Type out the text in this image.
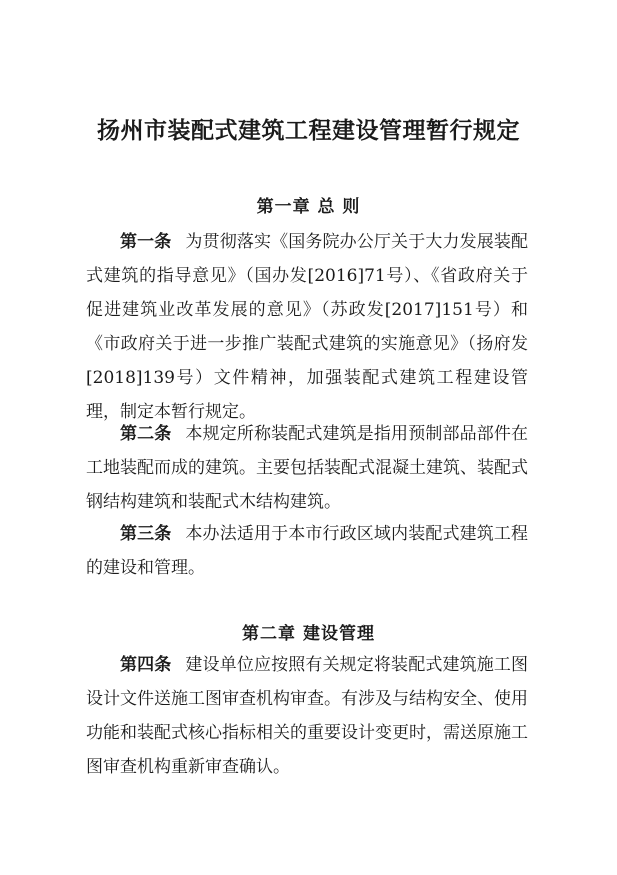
扬州市装配式建筑工程建设管理暂行规定
第一章 总 则

第一条 为贯彻落实《国务院办公厅关于大力发展装配式建筑的指导意见》（国办发[2016]71号）、《省政府关于促进建筑业改革发展的意见》（苏政发[2017]151号）和《市政府关于进一步推广装配式建筑的实施意见》（扬府发[2018]139号）文件精神，加强装配式建筑工程建设管理，制定本暂行规定。

第二条 本规定所称装配式建筑是指用预制部品部件在工地装配而成的建筑。主要包括装配式混凝土建筑、装配式钢结构建筑和装配式木结构建筑。

第三条 本办法适用于本市行政区域内装配式建筑工程的建设和管理。

第二章 建设管理

第四条 建设单位应按照有关规定将装配式建筑施工图设计文件送施工图审查机构审查。有涉及与结构安全、使用功能和装配式核心指标相关的重要设计变更时，需送原施工图审查机构重新审查确认。
